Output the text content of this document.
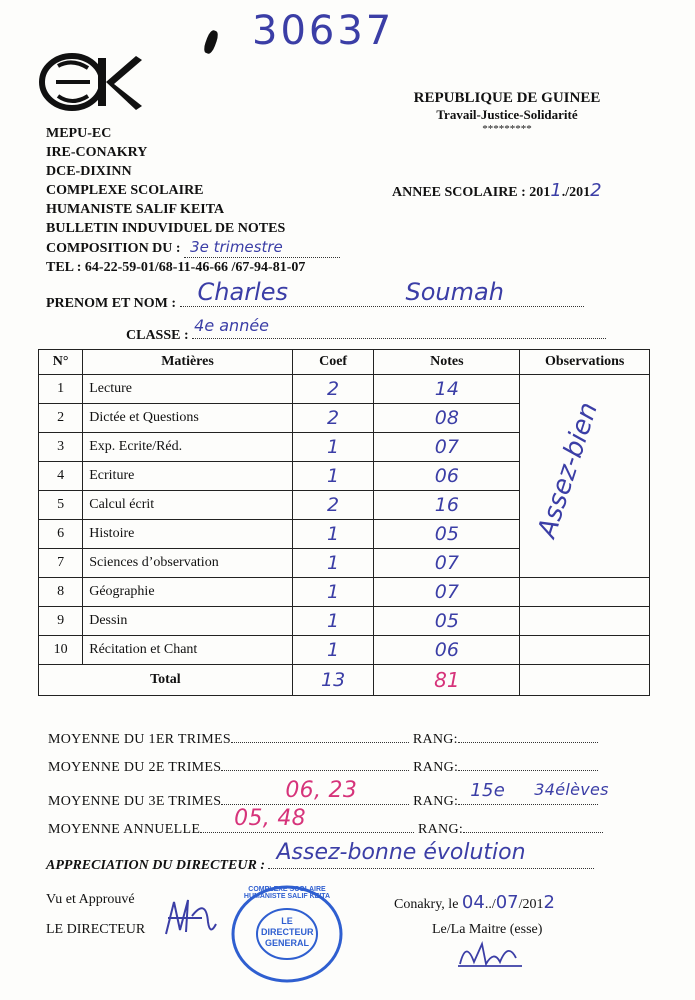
30637
MEPU-EC
IRE-CONAKRY
DCE-DIXINN
COMPLEXE SCOLAIRE
HUMANISTE SALIF KEITA
BULLETIN INDUVIDUEL DE NOTES
COMPOSITION DU : 3e trimestre
TEL : 64-22-59-01/68-11-46-66 /67-94-81-07
REPUBLIQUE DE GUINEE
Travail-Justice-Solidarité
*********
ANNEE SCOLAIRE : 2011./2012
PRENOM ET NOM : Charles	Soumah
CLASSE :
4e année
N°	Matières	Coef	Notes	Observations
1	Lecture	2	14	Assez-bien

2	Dictée et Questions	2	08	
3	Exp. Ecrite/Réd.	1	07	
4	Ecriture	1	06	
5	Calcul écrit	2	16	
6	Histoire	1	05	
7	Sciences d’observation	1	07	
8	Géographie	1	07	
9	Dessin	1	05	
10	Récitation et Chant	1	06	
Total		13	81	
MOYENNE DU 1ER TRIMES	RANG:
MOYENNE DU 2E TRIMES	RANG:
MOYENNE DU 3E TRIMES	06, 23	RANG:
15e 34élèves
MOYENNE ANNUELLE 05, 48	RANG:
APPRECIATION DU DIRECTEUR :
Assez-bonne évolution
Vu et Approuvé
LE DIRECTEUR
COMPLEXE SCOLAIRE HUMANISTE SALIF KEITA
LE DIRECTEUR GENERAL
Conakry, le 04../07/2012
Le/La Maitre (esse)
